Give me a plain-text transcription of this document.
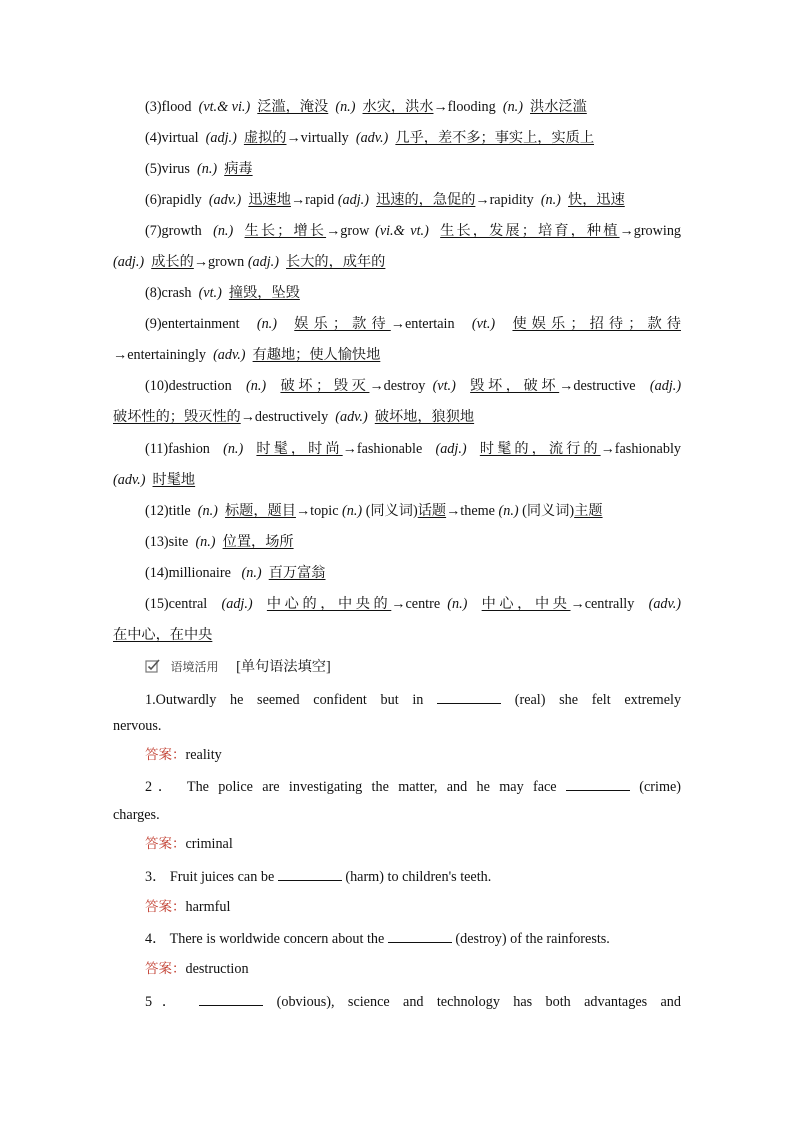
(3)flood (vt.& vi.) 泛滥，淹没 (n.) 水灾，洪水→flooding (n.) 洪水泛滥
(4)virtual (adj.) 虚拟的→virtually (adv.) 几乎，差不多；事实上，实质上
(5)virus (n.) 病毒
(6)rapidly (adv.) 迅速地→rapid (adj.) 迅速的，急促的→rapidity (n.) 快，迅速
(7)growth (n.) 生长；增长→grow (vi.& vt.) 生长，发展；培育，种植→growing
(adj.) 成长的→grown (adj.) 长大的，成年的
(8)crash (vt.) 撞毁，坠毁
(9)entertainment (n.) 娱乐；款待→entertain (vt.) 使娱乐；招待；款待
→entertainingly (adv.) 有趣地；使人愉快地
(10)destruction (n.) 破坏；毁灭→destroy (vt.) 毁坏，破坏→destructive (adj.)
破坏性的；毁灭性的→destructively (adv.) 破坏地，狼狈地
(11)fashion (n.) 时髦，时尚→fashionable (adj.) 时髦的，流行的→fashionably
(adv.) 时髦地
(12)title (n.) 标题，题目→topic (n.) (同义词)话题→theme (n.) (同义词)主题
(13)site (n.) 位置，场所
(14)millionaire (n.) 百万富翁
(15)central (adj.) 中心的，中央的→centre (n.) 中心，中央→centrally (adv.)
在中心，在中央
语境活用 [单句语法填空]
1.Outwardly he seemed confident but in	(real) she felt extremely
nervous.
答案：reality
2． The police are investigating the matter, and he may face	(crime)
charges.
答案：criminal
3． Fruit juices can be	(harm) to children's teeth.
答案：harmful
4． There is worldwide concern about the	(destroy) of the rainforests.
答案：destruction
5．	(obvious), science and technology has both advantages and
